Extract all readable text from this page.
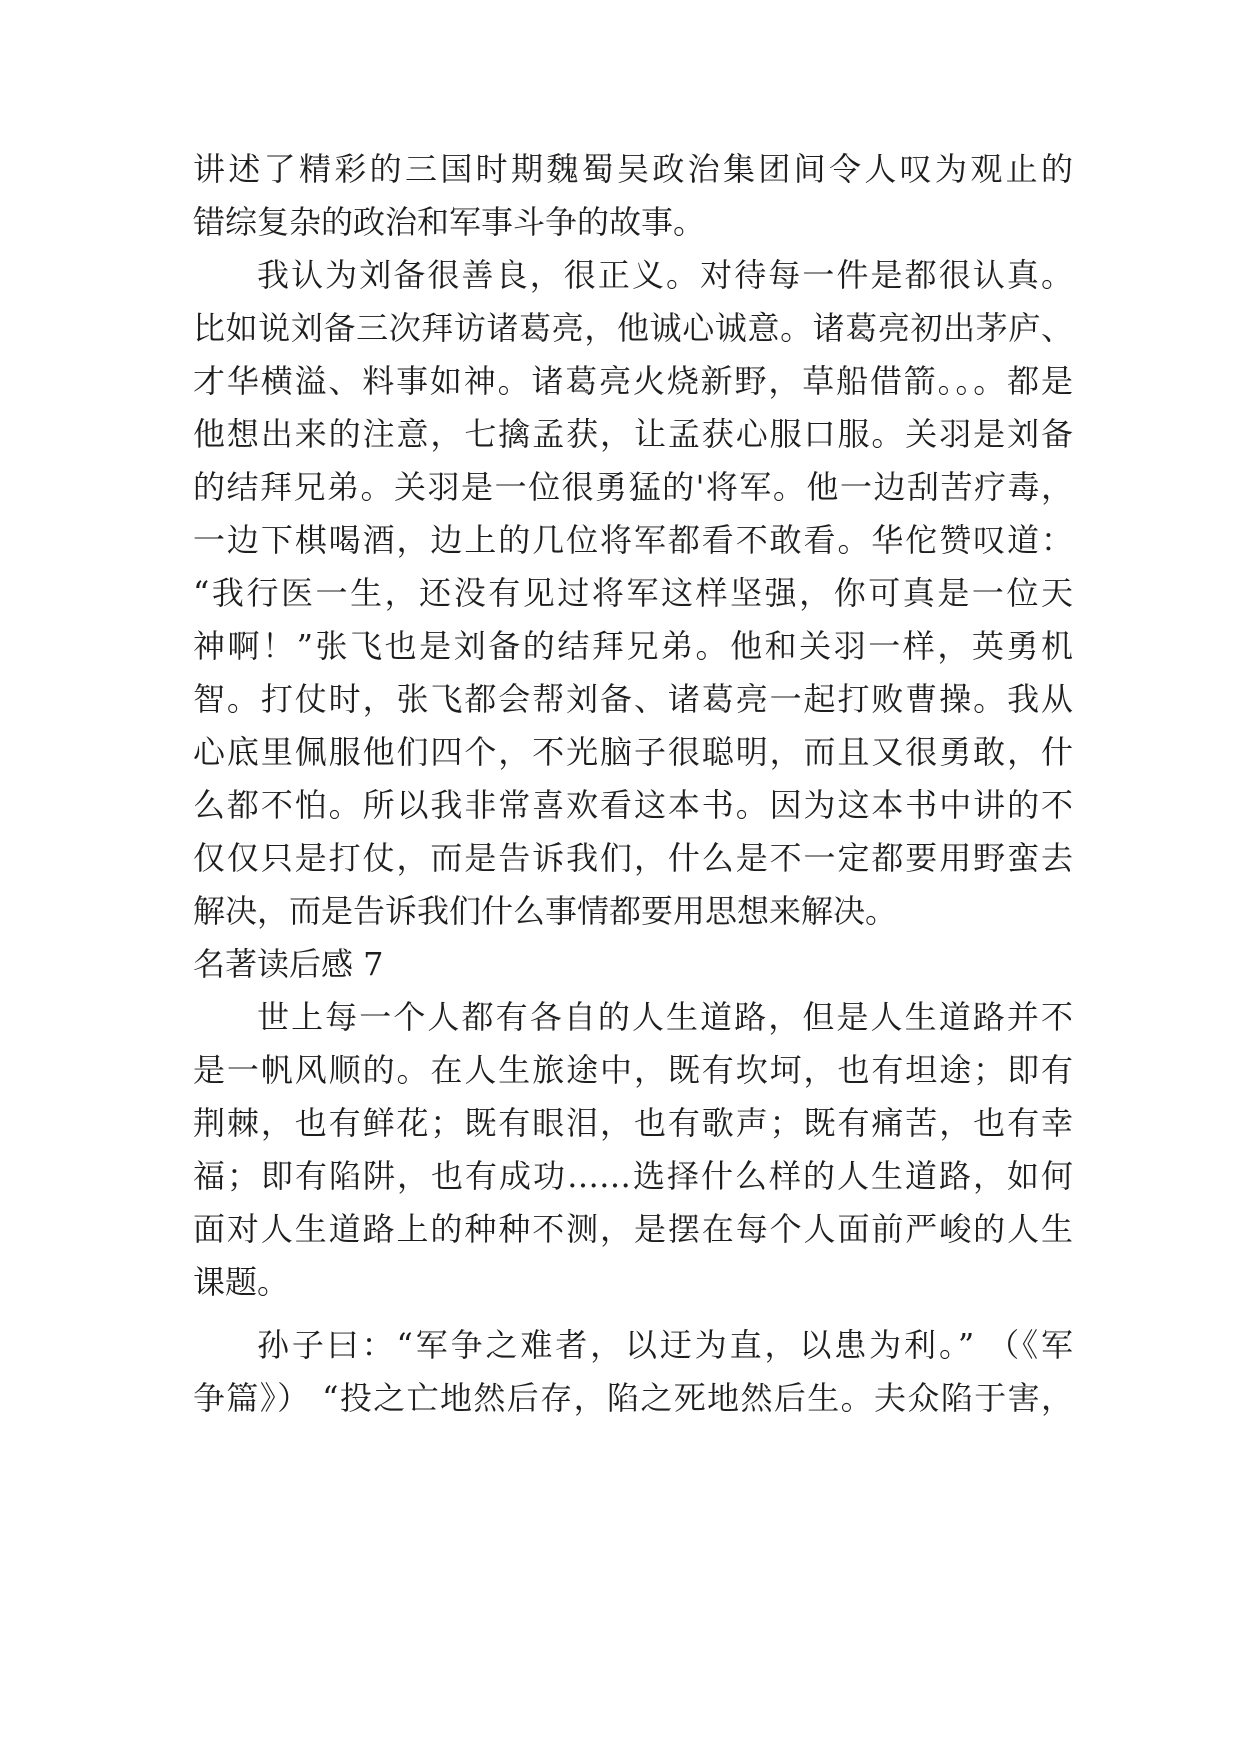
讲述了精彩的三国时期魏蜀吴政治集团间令人叹为观止的
错综复杂的政治和军事斗争的故事。
我认为刘备很善良，很正义。对待每一件是都很认真。
比如说刘备三次拜访诸葛亮，他诚心诚意。诸葛亮初出茅庐、
才华横溢、料事如神。诸葛亮火烧新野，草船借箭。。。都是
他想出来的注意，七擒孟获，让孟获心服口服。关羽是刘备
的结拜兄弟。关羽是一位很勇猛的'将军。他一边刮苦疗毒，
一边下棋喝酒，边上的几位将军都看不敢看。华佗赞叹道：
“我行医一生，还没有见过将军这样坚强，你可真是一位天
神啊！”张飞也是刘备的结拜兄弟。他和关羽一样，英勇机
智。打仗时，张飞都会帮刘备、诸葛亮一起打败曹操。我从
心底里佩服他们四个，不光脑子很聪明，而且又很勇敢，什
么都不怕。所以我非常喜欢看这本书。因为这本书中讲的不
仅仅只是打仗，而是告诉我们，什么是不一定都要用野蛮去
解决，而是告诉我们什么事情都要用思想来解决。
名著读后感 7
世上每一个人都有各自的人生道路，但是人生道路并不
是一帆风顺的。在人生旅途中，既有坎坷，也有坦途；即有
荆棘，也有鲜花；既有眼泪，也有歌声；既有痛苦，也有幸
福；即有陷阱，也有成功……选择什么样的人生道路，如何
面对人生道路上的种种不测，是摆在每个人面前严峻的人生
课题。
孙子曰：“军争之难者，以迂为直，以患为利。” （《军
争篇》） “投之亡地然后存，陷之死地然后生。夫众陷于害，
